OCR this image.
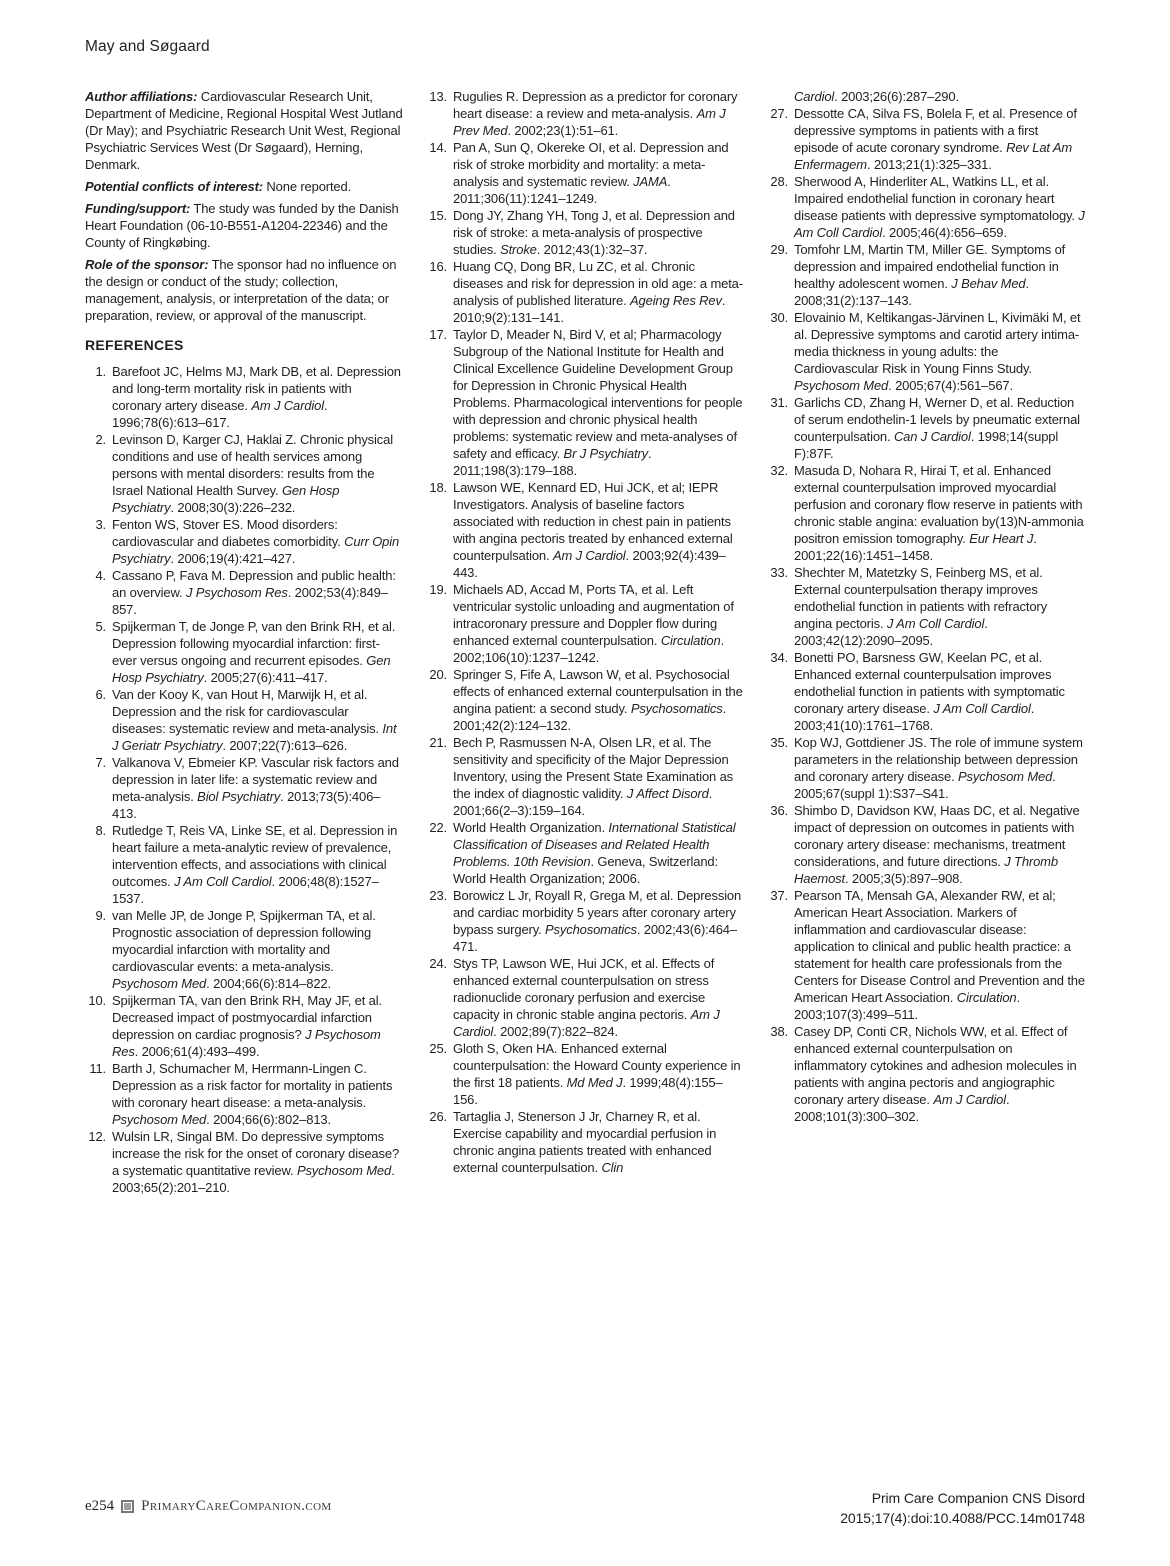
May and Søgaard

Author affiliations: Cardiovascular Research Unit, Department of Medicine, Regional Hospital West Jutland (Dr May); and Psychiatric Research Unit West, Regional Psychiatric Services West (Dr Søgaard), Herning, Denmark.

Potential conflicts of interest: None reported.

Funding/support: The study was funded by the Danish Heart Foundation (06-10-B551-A1204-22346) and the County of Ringkøbing.

Role of the sponsor: The sponsor had no influence on the design or conduct of the study; collection, management, analysis, or interpretation of the data; or preparation, review, or approval of the manuscript.

REFERENCES
1. Barefoot JC, Helms MJ, Mark DB, et al. Depression and long-term mortality risk in patients with coronary artery disease. Am J Cardiol. 1996;78(6):613–617.
2. Levinson D, Karger CJ, Haklai Z. Chronic physical conditions and use of health services among persons with mental disorders: results from the Israel National Health Survey. Gen Hosp Psychiatry. 2008;30(3):226–232.
3. Fenton WS, Stover ES. Mood disorders: cardiovascular and diabetes comorbidity. Curr Opin Psychiatry. 2006;19(4):421–427.
4. Cassano P, Fava M. Depression and public health: an overview. J Psychosom Res. 2002;53(4):849–857.
5. Spijkerman T, de Jonge P, van den Brink RH, et al. Depression following myocardial infarction: first-ever versus ongoing and recurrent episodes. Gen Hosp Psychiatry. 2005;27(6):411–417.
6. Van der Kooy K, van Hout H, Marwijk H, et al. Depression and the risk for cardiovascular diseases: systematic review and meta-analysis. Int J Geriatr Psychiatry. 2007;22(7):613–626.
7. Valkanova V, Ebmeier KP. Vascular risk factors and depression in later life: a systematic review and meta-analysis. Biol Psychiatry. 2013;73(5):406–413.
8. Rutledge T, Reis VA, Linke SE, et al. Depression in heart failure a meta-analytic review of prevalence, intervention effects, and associations with clinical outcomes. J Am Coll Cardiol. 2006;48(8):1527–1537.
9. van Melle JP, de Jonge P, Spijkerman TA, et al. Prognostic association of depression following myocardial infarction with mortality and cardiovascular events: a meta-analysis. Psychosom Med. 2004;66(6):814–822.
10. Spijkerman TA, van den Brink RH, May JF, et al. Decreased impact of postmyocardial infarction depression on cardiac prognosis? J Psychosom Res. 2006;61(4):493–499.
11. Barth J, Schumacher M, Herrmann-Lingen C. Depression as a risk factor for mortality in patients with coronary heart disease: a meta-analysis. Psychosom Med. 2004;66(6):802–813.
12. Wulsin LR, Singal BM. Do depressive symptoms increase the risk for the onset of coronary disease? a systematic quantitative review. Psychosom Med. 2003;65(2):201–210.
13. Rugulies R. Depression as a predictor for coronary heart disease: a review and meta-analysis. Am J Prev Med. 2002;23(1):51–61.
14. Pan A, Sun Q, Okereke OI, et al. Depression and risk of stroke morbidity and mortality: a meta-analysis and systematic review. JAMA. 2011;306(11):1241–1249.
15. Dong JY, Zhang YH, Tong J, et al. Depression and risk of stroke: a meta-analysis of prospective studies. Stroke. 2012;43(1):32–37.
16. Huang CQ, Dong BR, Lu ZC, et al. Chronic diseases and risk for depression in old age: a meta-analysis of published literature. Ageing Res Rev. 2010;9(2):131–141.
17. Taylor D, Meader N, Bird V, et al; Pharmacology Subgroup of the National Institute for Health and Clinical Excellence Guideline Development Group for Depression in Chronic Physical Health Problems. Pharmacological interventions for people with depression and chronic physical health problems: systematic review and meta-analyses of safety and efficacy. Br J Psychiatry. 2011;198(3):179–188.
18. Lawson WE, Kennard ED, Hui JCK, et al; IEPR Investigators. Analysis of baseline factors associated with reduction in chest pain in patients with angina pectoris treated by enhanced external counterpulsation. Am J Cardiol. 2003;92(4):439–443.
19. Michaels AD, Accad M, Ports TA, et al. Left ventricular systolic unloading and augmentation of intracoronary pressure and Doppler flow during enhanced external counterpulsation. Circulation. 2002;106(10):1237–1242.
20. Springer S, Fife A, Lawson W, et al. Psychosocial effects of enhanced external counterpulsation in the angina patient: a second study. Psychosomatics. 2001;42(2):124–132.
21. Bech P, Rasmussen N-A, Olsen LR, et al. The sensitivity and specificity of the Major Depression Inventory, using the Present State Examination as the index of diagnostic validity. J Affect Disord. 2001;66(2–3):159–164.
22. World Health Organization. International Statistical Classification of Diseases and Related Health Problems. 10th Revision. Geneva, Switzerland: World Health Organization; 2006.
23. Borowicz L Jr, Royall R, Grega M, et al. Depression and cardiac morbidity 5 years after coronary artery bypass surgery. Psychosomatics. 2002;43(6):464–471.
24. Stys TP, Lawson WE, Hui JCK, et al. Effects of enhanced external counterpulsation on stress radionuclide coronary perfusion and exercise capacity in chronic stable angina pectoris. Am J Cardiol. 2002;89(7):822–824.
25. Gloth S, Oken HA. Enhanced external counterpulsation: the Howard County experience in the first 18 patients. Md Med J. 1999;48(4):155–156.
26. Tartaglia J, Stenerson J Jr, Charney R, et al. Exercise capability and myocardial perfusion in chronic angina patients treated with enhanced external counterpulsation. Clin
Cardiol. 2003;26(6):287–290.
27. Dessotte CA, Silva FS, Bolela F, et al. Presence of depressive symptoms in patients with a first episode of acute coronary syndrome. Rev Lat Am Enfermagem. 2013;21(1):325–331.
28. Sherwood A, Hinderliter AL, Watkins LL, et al. Impaired endothelial function in coronary heart disease patients with depressive symptomatology. J Am Coll Cardiol. 2005;46(4):656–659.
29. Tomfohr LM, Martin TM, Miller GE. Symptoms of depression and impaired endothelial function in healthy adolescent women. J Behav Med. 2008;31(2):137–143.
30. Elovainio M, Keltikangas-Järvinen L, Kivimäki M, et al. Depressive symptoms and carotid artery intima-media thickness in young adults: the Cardiovascular Risk in Young Finns Study. Psychosom Med. 2005;67(4):561–567.
31. Garlichs CD, Zhang H, Werner D, et al. Reduction of serum endothelin-1 levels by pneumatic external counterpulsation. Can J Cardiol. 1998;14(suppl F):87F.
32. Masuda D, Nohara R, Hirai T, et al. Enhanced external counterpulsation improved myocardial perfusion and coronary flow reserve in patients with chronic stable angina: evaluation by(13)N-ammonia positron emission tomography. Eur Heart J. 2001;22(16):1451–1458.
33. Shechter M, Matetzky S, Feinberg MS, et al. External counterpulsation therapy improves endothelial function in patients with refractory angina pectoris. J Am Coll Cardiol. 2003;42(12):2090–2095.
34. Bonetti PO, Barsness GW, Keelan PC, et al. Enhanced external counterpulsation improves endothelial function in patients with symptomatic coronary artery disease. J Am Coll Cardiol. 2003;41(10):1761–1768.
35. Kop WJ, Gottdiener JS. The role of immune system parameters in the relationship between depression and coronary artery disease. Psychosom Med. 2005;67(suppl 1):S37–S41.
36. Shimbo D, Davidson KW, Haas DC, et al. Negative impact of depression on outcomes in patients with coronary artery disease: mechanisms, treatment considerations, and future directions. J Thromb Haemost. 2005;3(5):897–908.
37. Pearson TA, Mensah GA, Alexander RW, et al; American Heart Association. Markers of inflammation and cardiovascular disease: application to clinical and public health practice: a statement for health care professionals from the Centers for Disease Control and Prevention and the American Heart Association. Circulation. 2003;107(3):499–511.
38. Casey DP, Conti CR, Nichols WW, et al. Effect of enhanced external counterpulsation on inflammatory cytokines and adhesion molecules in patients with angina pectoris and angiographic coronary artery disease. Am J Cardiol. 2008;101(3):300–302.
e254 PrimaryCareCompanion.com	Prim Care Companion CNS Disord
2015;17(4):doi:10.4088/PCC.14m01748
